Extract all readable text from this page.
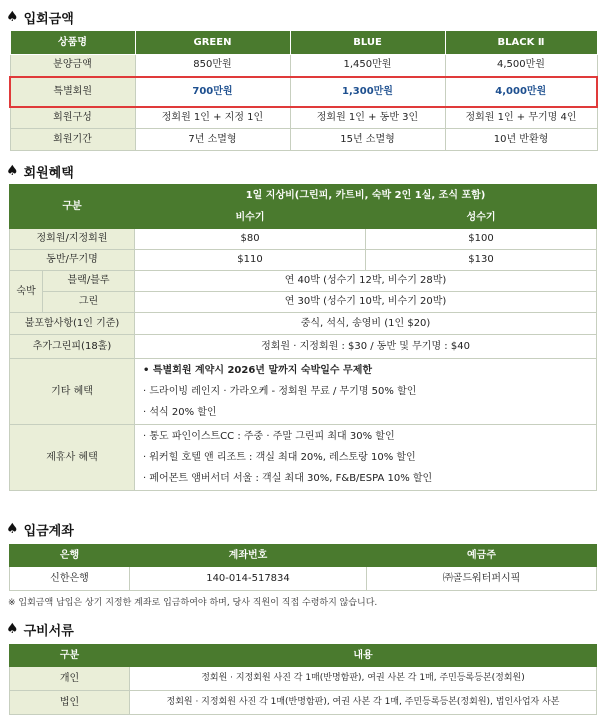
♠ 입회금액
상품명	GREEN	BLUE	BLACK Ⅱ
분양금액	850만원	1,450만원	4,500만원
특별회원	700만원	1,300만원	4,000만원
회원구성	정회원 1인 + 지정 1인	정회원 1인 + 동반 3인	정회원 1인 + 무기명 4인
회원기간	7년 소멸형	15년 소멸형	10년 반환형
♠ 회원혜택
구분		1일 지상비(그린피, 카트비, 숙박 2인 1실, 조식 포함)	
		비수기	성수기
정회원/지정회원		$80	$100
동반/무기명		$110	$130
숙박	블랙/블루	연 40박 (성수기 12박, 비수기 28박)	
	그린	연 30박 (성수기 10박, 비수기 20박)	
불포함사항(1인 기준)		중식, 석식, 송영비 (1인 $20)	
추가그린피(18홀)		정회원 · 지정회원 : $30 / 동반 및 무기명 : $40	
기타 혜택		• 특별회원 계약시 2026년 말까지 숙박일수 무제한
· 드라이빙 레인지 · 가라오케 - 정회원 무료 / 무기명 50% 할인
· 석식 20% 할인	

제휴사 혜택		· 통도 파인이스트CC : 주중 · 주말 그린피 최대 30% 할인
· 워커힐 호텔 앤 리조트 : 객실 최대 20%, 레스토랑 10% 할인
· 페어몬트 앰버서더 서울 : 객실 최대 30%, F&B/ESPA 10% 할인	
♠ 입금계좌
은행	계좌번호	예금주
신한은행	140-014-517834	㈜골드워터퍼시픽
※ 입회금액 납입은 상기 지정한 계좌로 입금하여야 하며, 당사 직원이 직접 수령하지 않습니다.
♠ 구비서류
구분	내용
개인	정회원 · 지정회원 사진 각 1매(반명함판), 여권 사본 각 1매, 주민등록등본(정회원)
법인	정회원 · 지정회원 사진 각 1매(반명함판), 여권 사본 각 1매, 주민등록등본(정회원), 법인사업자 사본
